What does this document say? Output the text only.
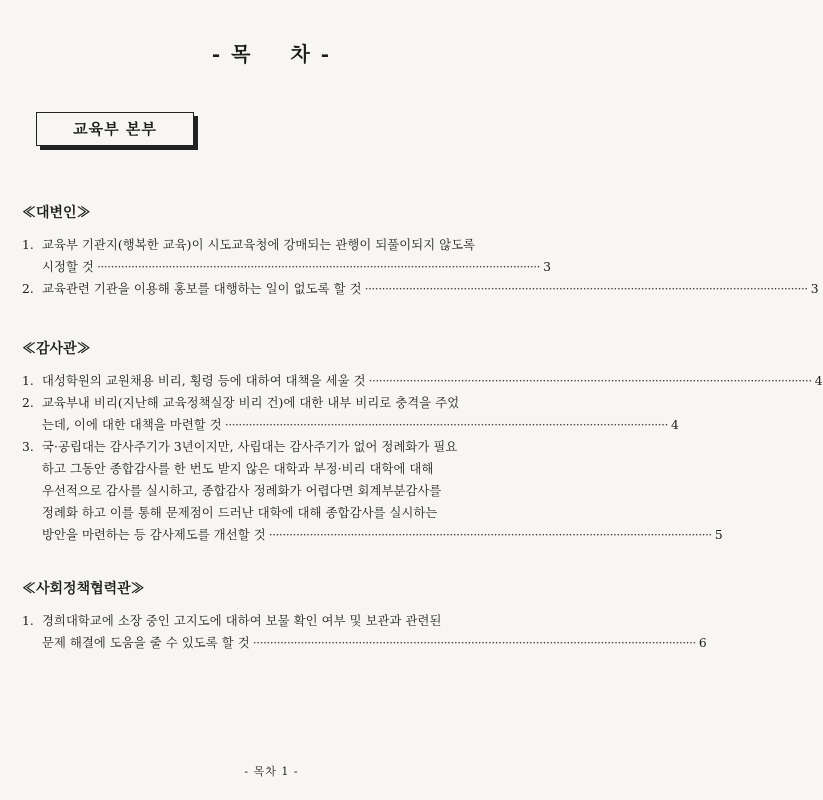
- 목 차 -
교육부 본부
≪대변인≫
1. 교육부 기관지(행복한 교육)이 시도교육청에 강매되는 관행이 되풀이되지 않도록
시정할 것 ·····	3
2. 교육관련 기관을 이용해 홍보를 대행하는 일이 없도록 할 것 ·····	3
≪감사관≫
1. 대성학원의 교원채용 비리, 횡령 등에 대하여 대책을 세울 것 ·····	4
2. 교육부내 비리(지난해 교육정책실장 비리 건)에 대한 내부 비리로 충격을 주었
는데, 이에 대한 대책을 마련할 것 ·····	4
3. 국·공립대는 감사주기가 3년이지만, 사립대는 감사주기가 없어 정례화가 필요
하고 그동안 종합감사를 한 번도 받지 않은 대학과 부정·비리 대학에 대해
우선적으로 감사를 실시하고, 종합감사 정례화가 어렵다면 회계부분감사를
정례화 하고 이를 통해 문제점이 드러난 대학에 대해 종합감사를 실시하는
방안을 마련하는 등 감사제도를 개선할 것 ·····	5
≪사회정책협력관≫
1. 경희대학교에 소장 중인 고지도에 대하여 보물 확인 여부 및 보관과 관련된
문제 해결에 도움을 줄 수 있도록 할 것 ·····	6
- 목차 1 -
